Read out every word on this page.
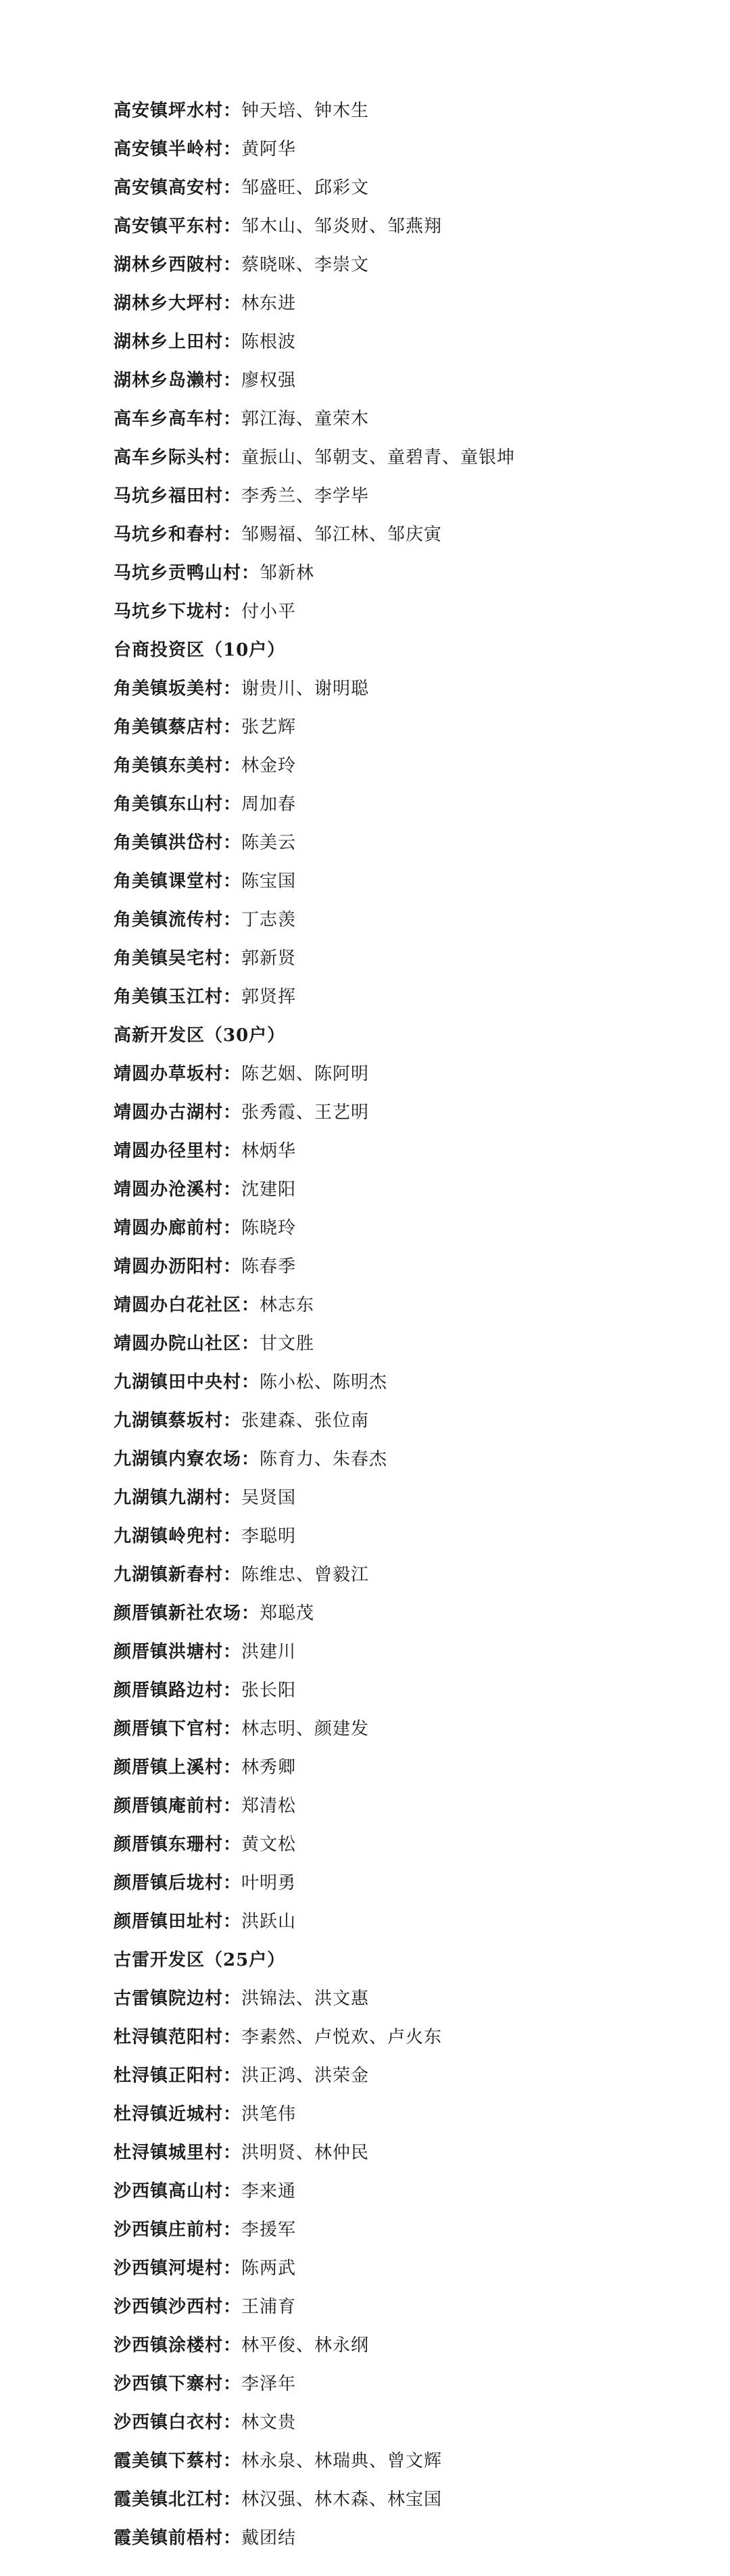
高安镇坪水村：钟天培、钟木生
高安镇半岭村：黄阿华
高安镇高安村：邹盛旺、邱彩文
高安镇平东村：邹木山、邹炎财、邹燕翔
湖林乡西陂村：蔡晓咪、李崇文
湖林乡大坪村：林东进
湖林乡上田村：陈根波
湖林乡岛濑村：廖权强
高车乡高车村：郭江海、童荣木
高车乡际头村：童振山、邹朝支、童碧青、童银坤
马坑乡福田村：李秀兰、李学毕
马坑乡和春村：邹赐福、邹江林、邹庆寅
马坑乡贡鸭山村：邹新林
马坑乡下垅村：付小平
台商投资区（10户）
角美镇坂美村：谢贵川、谢明聪
角美镇蔡店村：张艺辉
角美镇东美村：林金玲
角美镇东山村：周加春
角美镇洪岱村：陈美云
角美镇课堂村：陈宝国
角美镇流传村：丁志羡
角美镇吴宅村：郭新贤
角美镇玉江村：郭贤挥
高新开发区（30户）
靖圆办草坂村：陈艺姻、陈阿明
靖圆办古湖村：张秀霞、王艺明
靖圆办径里村：林炳华
靖圆办沧溪村：沈建阳
靖圆办廊前村：陈晓玲
靖圆办沥阳村：陈春季
靖圆办白花社区：林志东
靖圆办院山社区：甘文胜
九湖镇田中央村：陈小松、陈明杰
九湖镇蔡坂村：张建森、张位南
九湖镇内寮农场：陈育力、朱春杰
九湖镇九湖村：吴贤国
九湖镇岭兜村：李聪明
九湖镇新春村：陈维忠、曾毅江
颜厝镇新社农场：郑聪茂
颜厝镇洪塘村：洪建川
颜厝镇路边村：张长阳
颜厝镇下官村：林志明、颜建发
颜厝镇上溪村：林秀卿
颜厝镇庵前村：郑清松
颜厝镇东珊村：黄文松
颜厝镇后垅村：叶明勇
颜厝镇田址村：洪跃山
古雷开发区（25户）
古雷镇院边村：洪锦法、洪文惠
杜浔镇范阳村：李素然、卢悦欢、卢火东
杜浔镇正阳村：洪正鸿、洪荣金
杜浔镇近城村：洪笔伟
杜浔镇城里村：洪明贤、林仲民
沙西镇高山村：李来通
沙西镇庄前村：李援军
沙西镇河堤村：陈两武
沙西镇沙西村：王浦育
沙西镇涂楼村：林平俊、林永纲
沙西镇下寨村：李泽年
沙西镇白衣村：林文贵
霞美镇下蔡村：林永泉、林瑞典、曾文辉
霞美镇北江村：林汉强、林木森、林宝国
霞美镇前梧村：戴团结
